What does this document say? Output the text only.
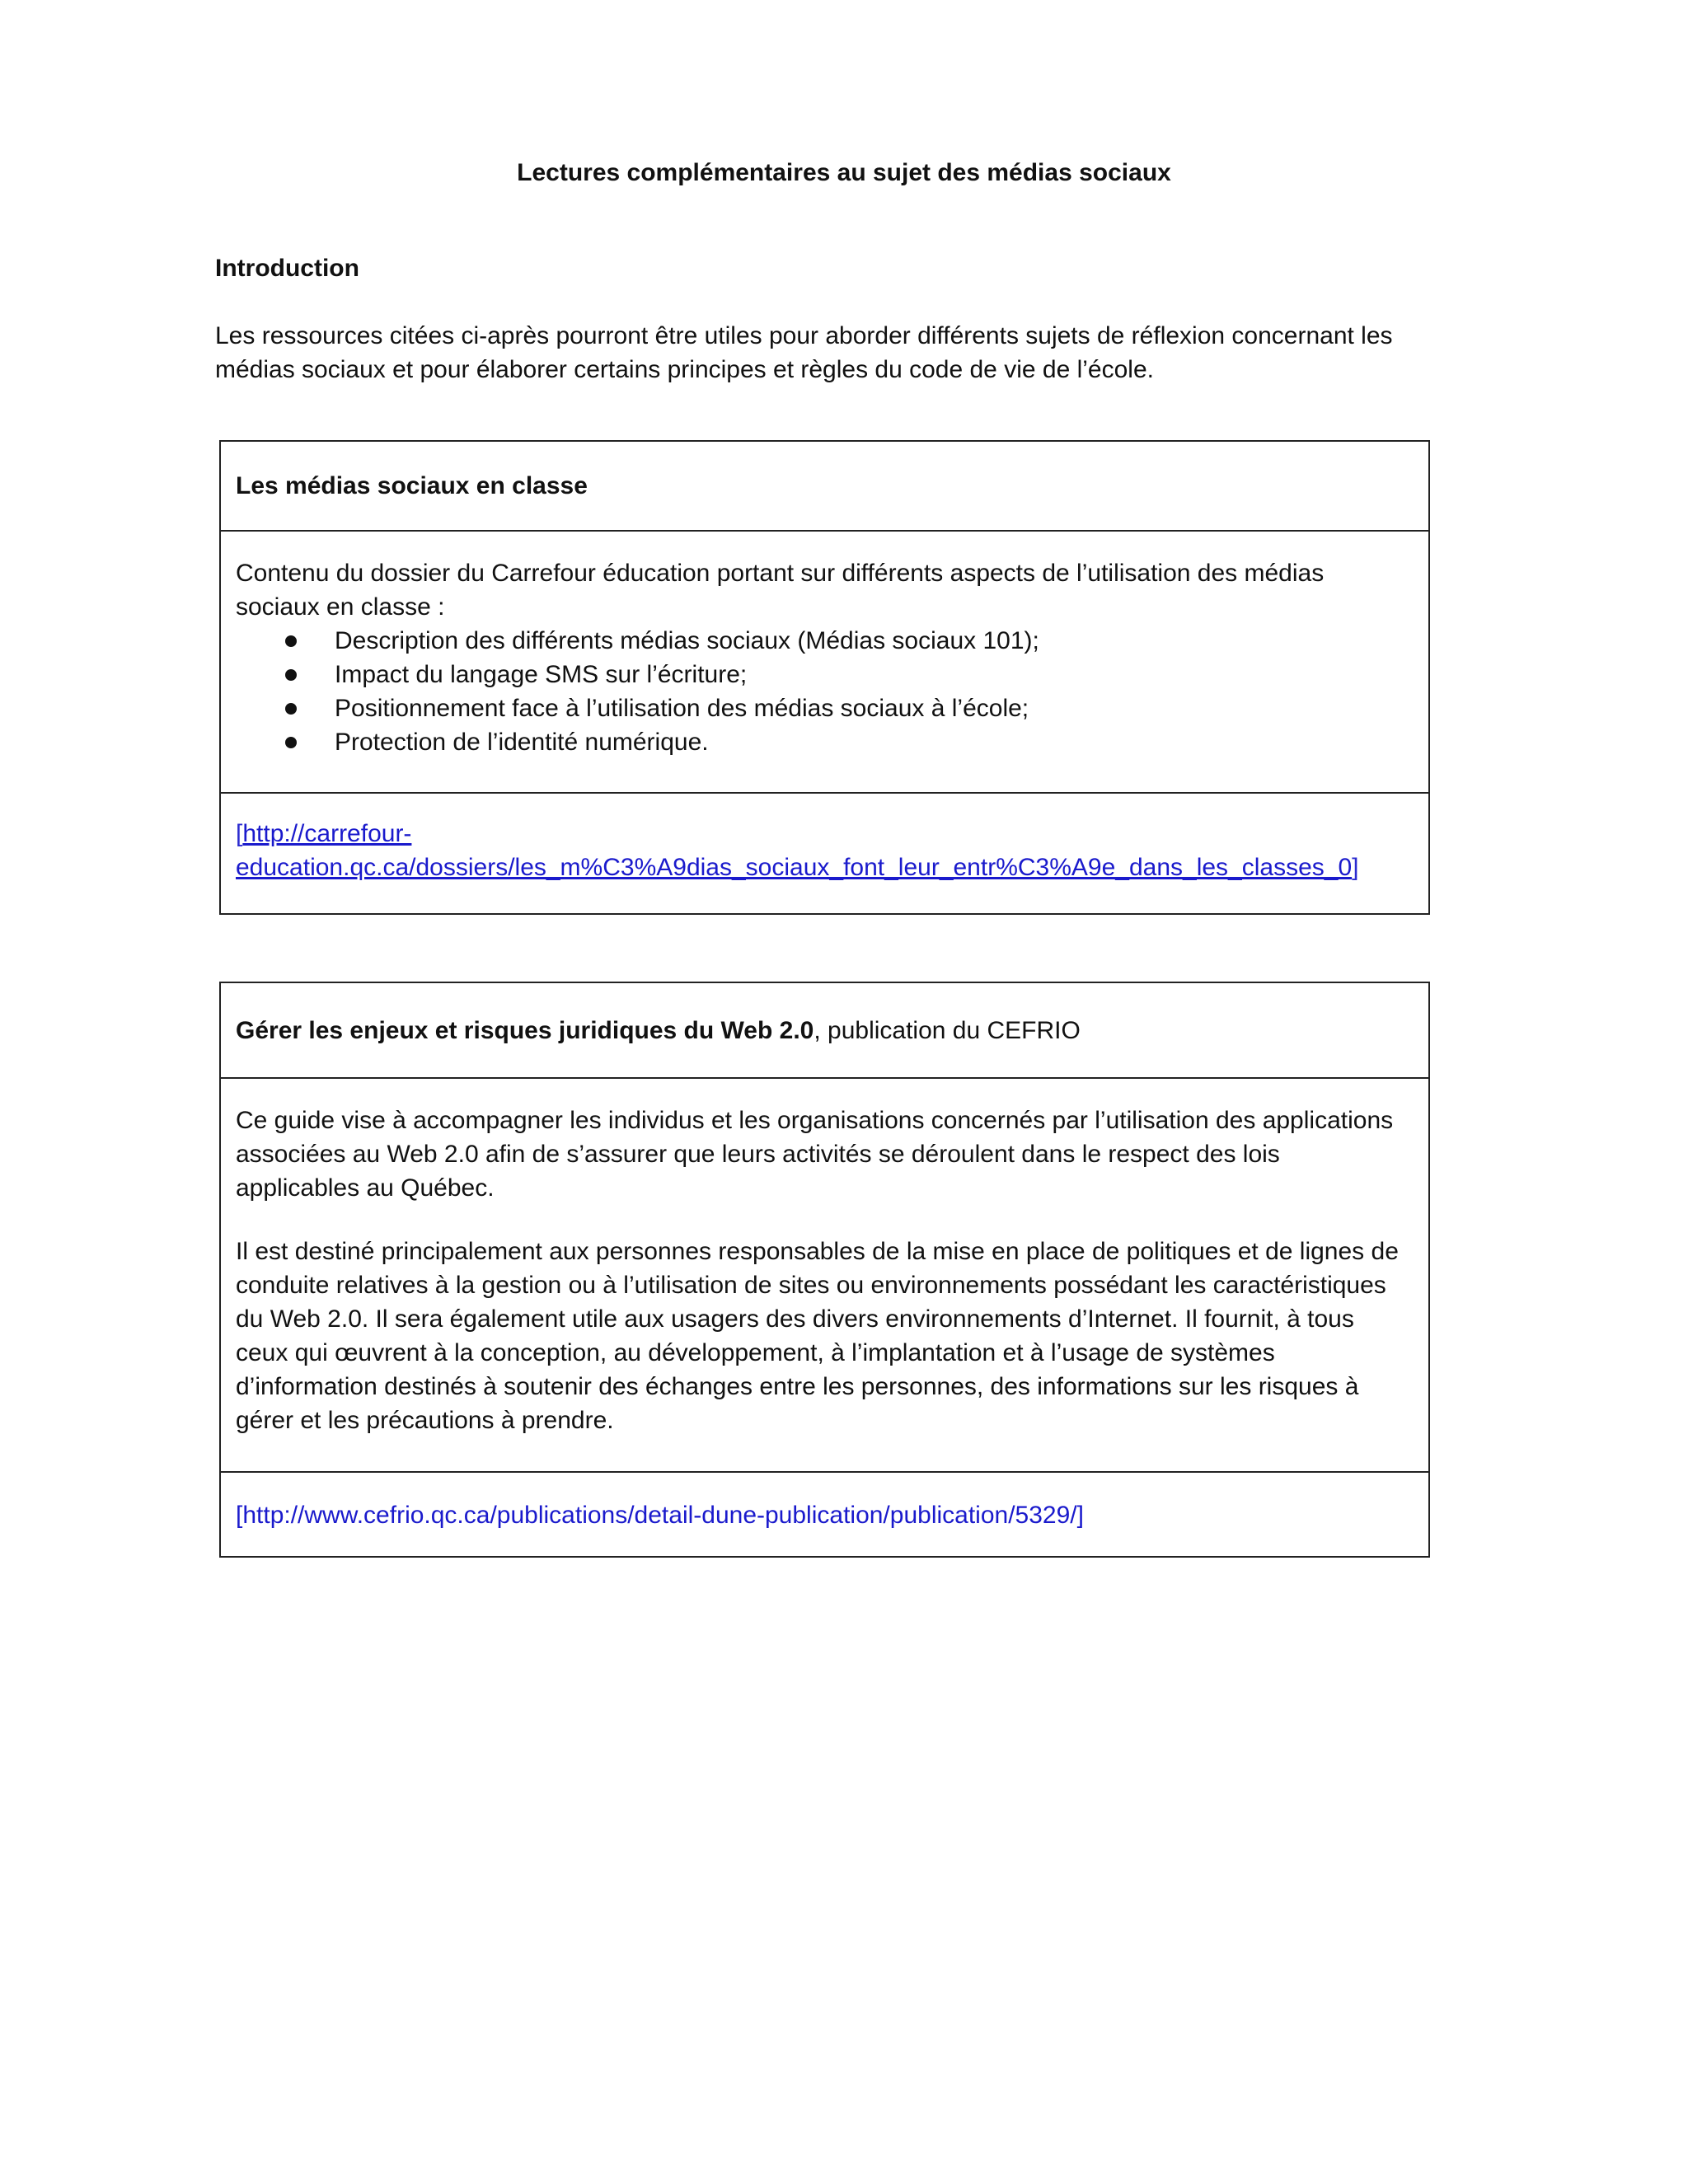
Lectures complémentaires au sujet des médias sociaux
Introduction
Les ressources citées ci-après pourront être utiles pour aborder différents sujets de réflexion concernant les
médias sociaux et pour élaborer certains principes et règles du code de vie de l’école.
Les médias sociaux en classe
Contenu du dossier du Carrefour éducation portant sur différents aspects de l’utilisation des médias
sociaux en classe :
Description des différents médias sociaux (Médias sociaux 101);
Impact du langage SMS sur l’écriture;
Positionnement face à l’utilisation des médias sociaux à l’école;
Protection de l’identité numérique.
[http://carrefour-
education.qc.ca/dossiers/les_m%C3%A9dias_sociaux_font_leur_entr%C3%A9e_dans_les_classes_0]
Gérer les enjeux et risques juridiques du Web 2.0, publication du CEFRIO
Ce guide vise à accompagner les individus et les organisations concernés par l’utilisation des applications
associées au Web 2.0 afin de s’assurer que leurs activités se déroulent dans le respect des lois
applicables au Québec.
Il est destiné principalement aux personnes responsables de la mise en place de politiques et de lignes de
conduite relatives à la gestion ou à l’utilisation de sites ou environnements possédant les caractéristiques
du Web 2.0. Il sera également utile aux usagers des divers environnements d’Internet. Il fournit, à tous
ceux qui œuvrent à la conception, au développement, à l’implantation et à l’usage de systèmes
d’information destinés à soutenir des échanges entre les personnes, des informations sur les risques à
gérer et les précautions à prendre.
[http://www.cefrio.qc.ca/publications/detail-dune-publication/publication/5329/]
